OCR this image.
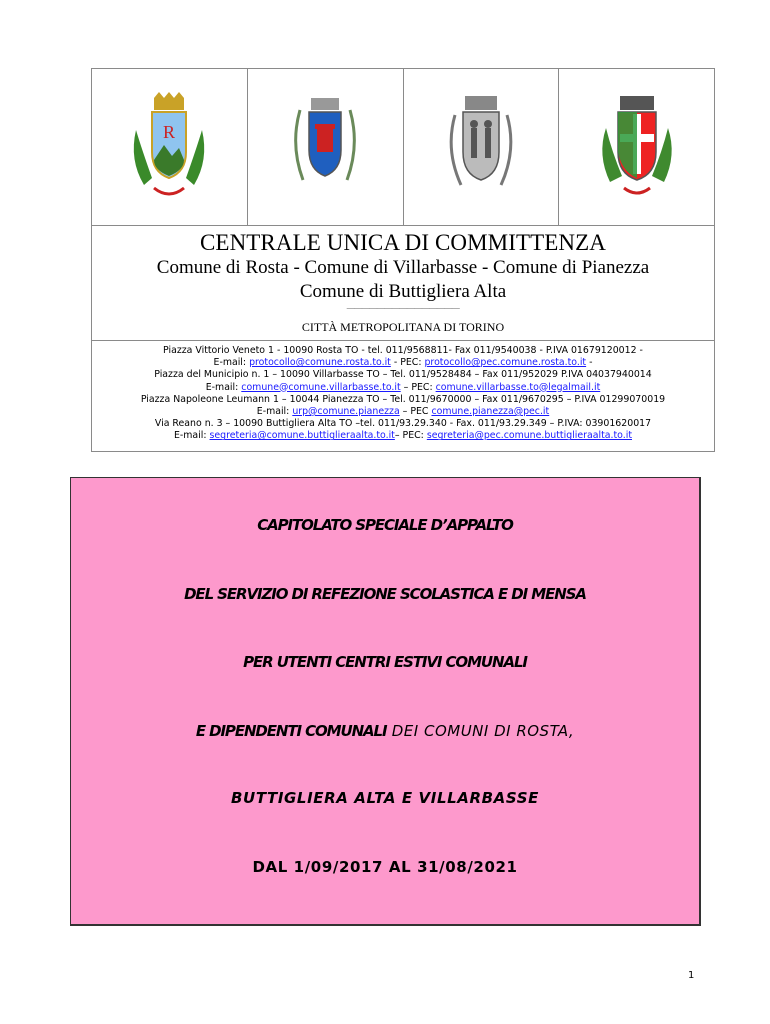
R
CENTRALE UNICA DI COMMITTENZA
Comune di Rosta - Comune di Villarbasse - Comune di Pianezza
Comune di Buttigliera Alta
———————————————
CITTÀ METROPOLITANA DI TORINO
Piazza Vittorio Veneto 1 - 10090 Rosta TO - tel. 011/9568811- Fax 011/9540038 - P.IVA 01679120012 -
E-mail: protocollo@comune.rosta.to.it - PEC: protocollo@pec.comune.rosta.to.it -
Piazza del Municipio n. 1 – 10090 Villarbasse TO – Tel. 011/9528484 – Fax 011/952029 P.IVA 04037940014
E-mail: comune@comune.villarbasse.to.it – PEC: comune.villarbasse.to@legalmail.it
Piazza Napoleone Leumann 1 – 10044 Pianezza TO – Tel. 011/9670000 – Fax 011/9670295 – P.IVA 01299070019
E-mail: urp@comune.pianezza – PEC comune.pianezza@pec.it
Via Reano n. 3 – 10090 Buttigliera Alta TO –tel. 011/93.29.340 - Fax. 011/93.29.349 – P.IVA: 03901620017
E-mail: segreteria@comune.buttiglieraalta.to.it– PEC: segreteria@pec.comune.buttiglieraalta.to.it
CAPITOLATO SPECIALE D’APPALTO
DEL SERVIZIO DI REFEZIONE SCOLASTICA E DI MENSA
PER UTENTI CENTRI ESTIVI COMUNALI
E DIPENDENTI COMUNALI DEI COMUNI DI ROSTA,
BUTTIGLIERA ALTA E VILLARBASSE
DAL 1/09/2017 AL 31/08/2021
1
